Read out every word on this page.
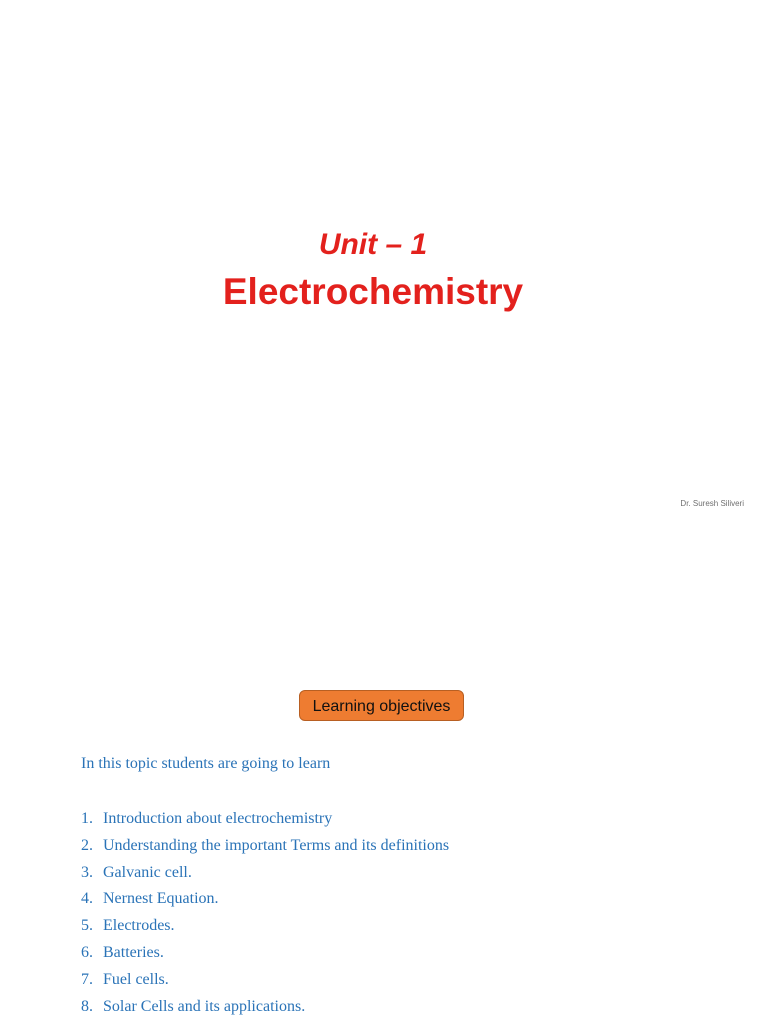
Unit – 1
Electrochemistry
Dr. Suresh Siliveri
Learning objectives
In this topic students are going to learn
1. Introduction about electrochemistry
2. Understanding the important Terms and its definitions
3. Galvanic cell.
4. Nernest Equation.
5. Electrodes.
6. Batteries.
7. Fuel cells.
8. Solar Cells and its applications.
